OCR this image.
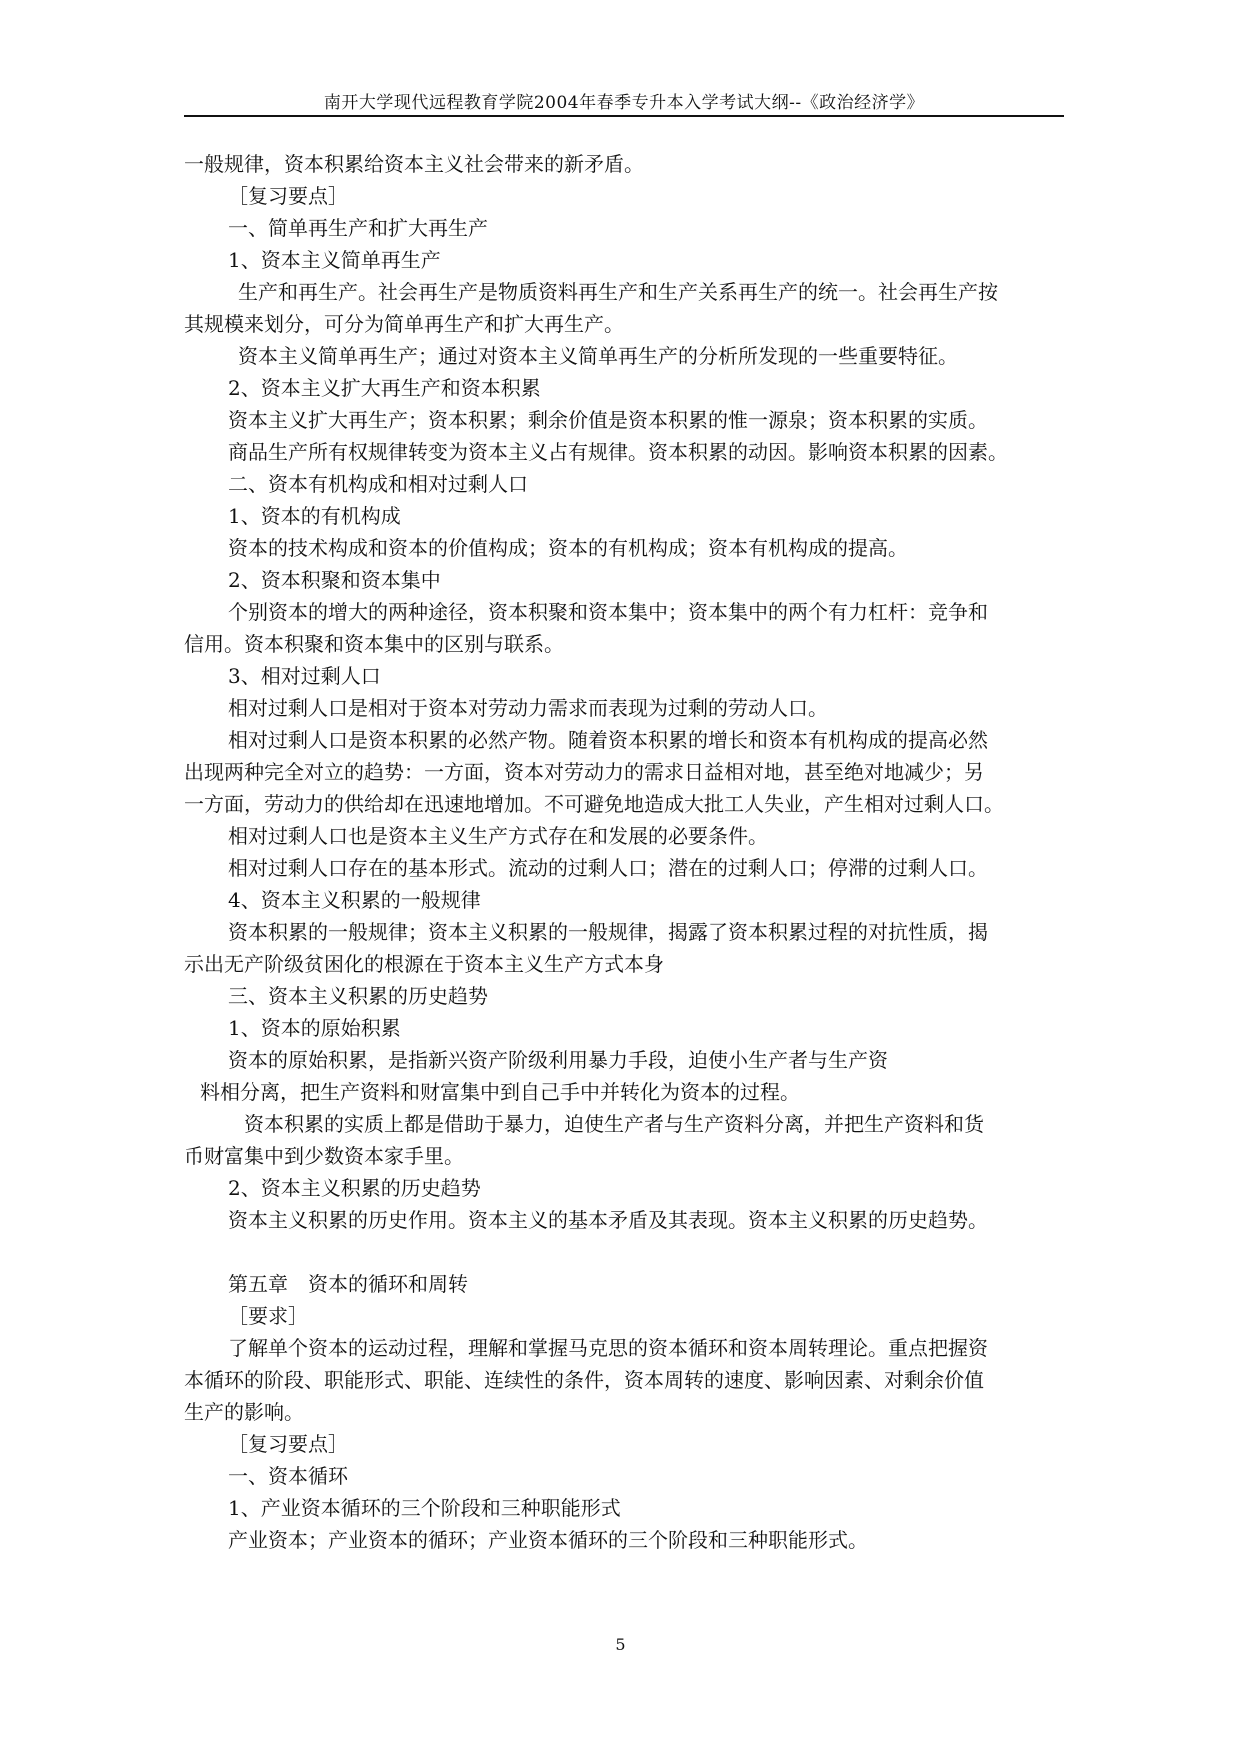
南开大学现代远程教育学院2004年春季专升本入学考试大纲--《政治经济学》
一般规律，资本积累给资本主义社会带来的新矛盾。
［复习要点］
一、简单再生产和扩大再生产
1、资本主义简单再生产
生产和再生产。社会再生产是物质资料再生产和生产关系再生产的统一。社会再生产按
其规模来划分，可分为简单再生产和扩大再生产。
资本主义简单再生产；通过对资本主义简单再生产的分析所发现的一些重要特征。
2、资本主义扩大再生产和资本积累
资本主义扩大再生产；资本积累；剩余价值是资本积累的惟一源泉；资本积累的实质。
商品生产所有权规律转变为资本主义占有规律。资本积累的动因。影响资本积累的因素。
二、资本有机构成和相对过剩人口
1、资本的有机构成
资本的技术构成和资本的价值构成；资本的有机构成；资本有机构成的提高。
2、资本积聚和资本集中
个别资本的增大的两种途径，资本积聚和资本集中；资本集中的两个有力杠杆：竞争和
信用。资本积聚和资本集中的区别与联系。
3、相对过剩人口
相对过剩人口是相对于资本对劳动力需求而表现为过剩的劳动人口。
相对过剩人口是资本积累的必然产物。随着资本积累的增长和资本有机构成的提高必然
出现两种完全对立的趋势：一方面，资本对劳动力的需求日益相对地，甚至绝对地减少；另
一方面，劳动力的供给却在迅速地增加。不可避免地造成大批工人失业，产生相对过剩人口。
相对过剩人口也是资本主义生产方式存在和发展的必要条件。
相对过剩人口存在的基本形式。流动的过剩人口；潜在的过剩人口；停滞的过剩人口。
4、资本主义积累的一般规律
资本积累的一般规律；资本主义积累的一般规律，揭露了资本积累过程的对抗性质，揭
示出无产阶级贫困化的根源在于资本主义生产方式本身
三、资本主义积累的历史趋势
1、资本的原始积累
资本的原始积累，是指新兴资产阶级利用暴力手段，迫使小生产者与生产资
料相分离，把生产资料和财富集中到自己手中并转化为资本的过程。
资本积累的实质上都是借助于暴力，迫使生产者与生产资料分离，并把生产资料和货
币财富集中到少数资本家手里。
2、资本主义积累的历史趋势
资本主义积累的历史作用。资本主义的基本矛盾及其表现。资本主义积累的历史趋势。
第五章　资本的循环和周转
［要求］
了解单个资本的运动过程，理解和掌握马克思的资本循环和资本周转理论。重点把握资
本循环的阶段、职能形式、职能、连续性的条件，资本周转的速度、影响因素、对剩余价值
生产的影响。
［复习要点］
一、资本循环
1、产业资本循环的三个阶段和三种职能形式
产业资本；产业资本的循环；产业资本循环的三个阶段和三种职能形式。
5
